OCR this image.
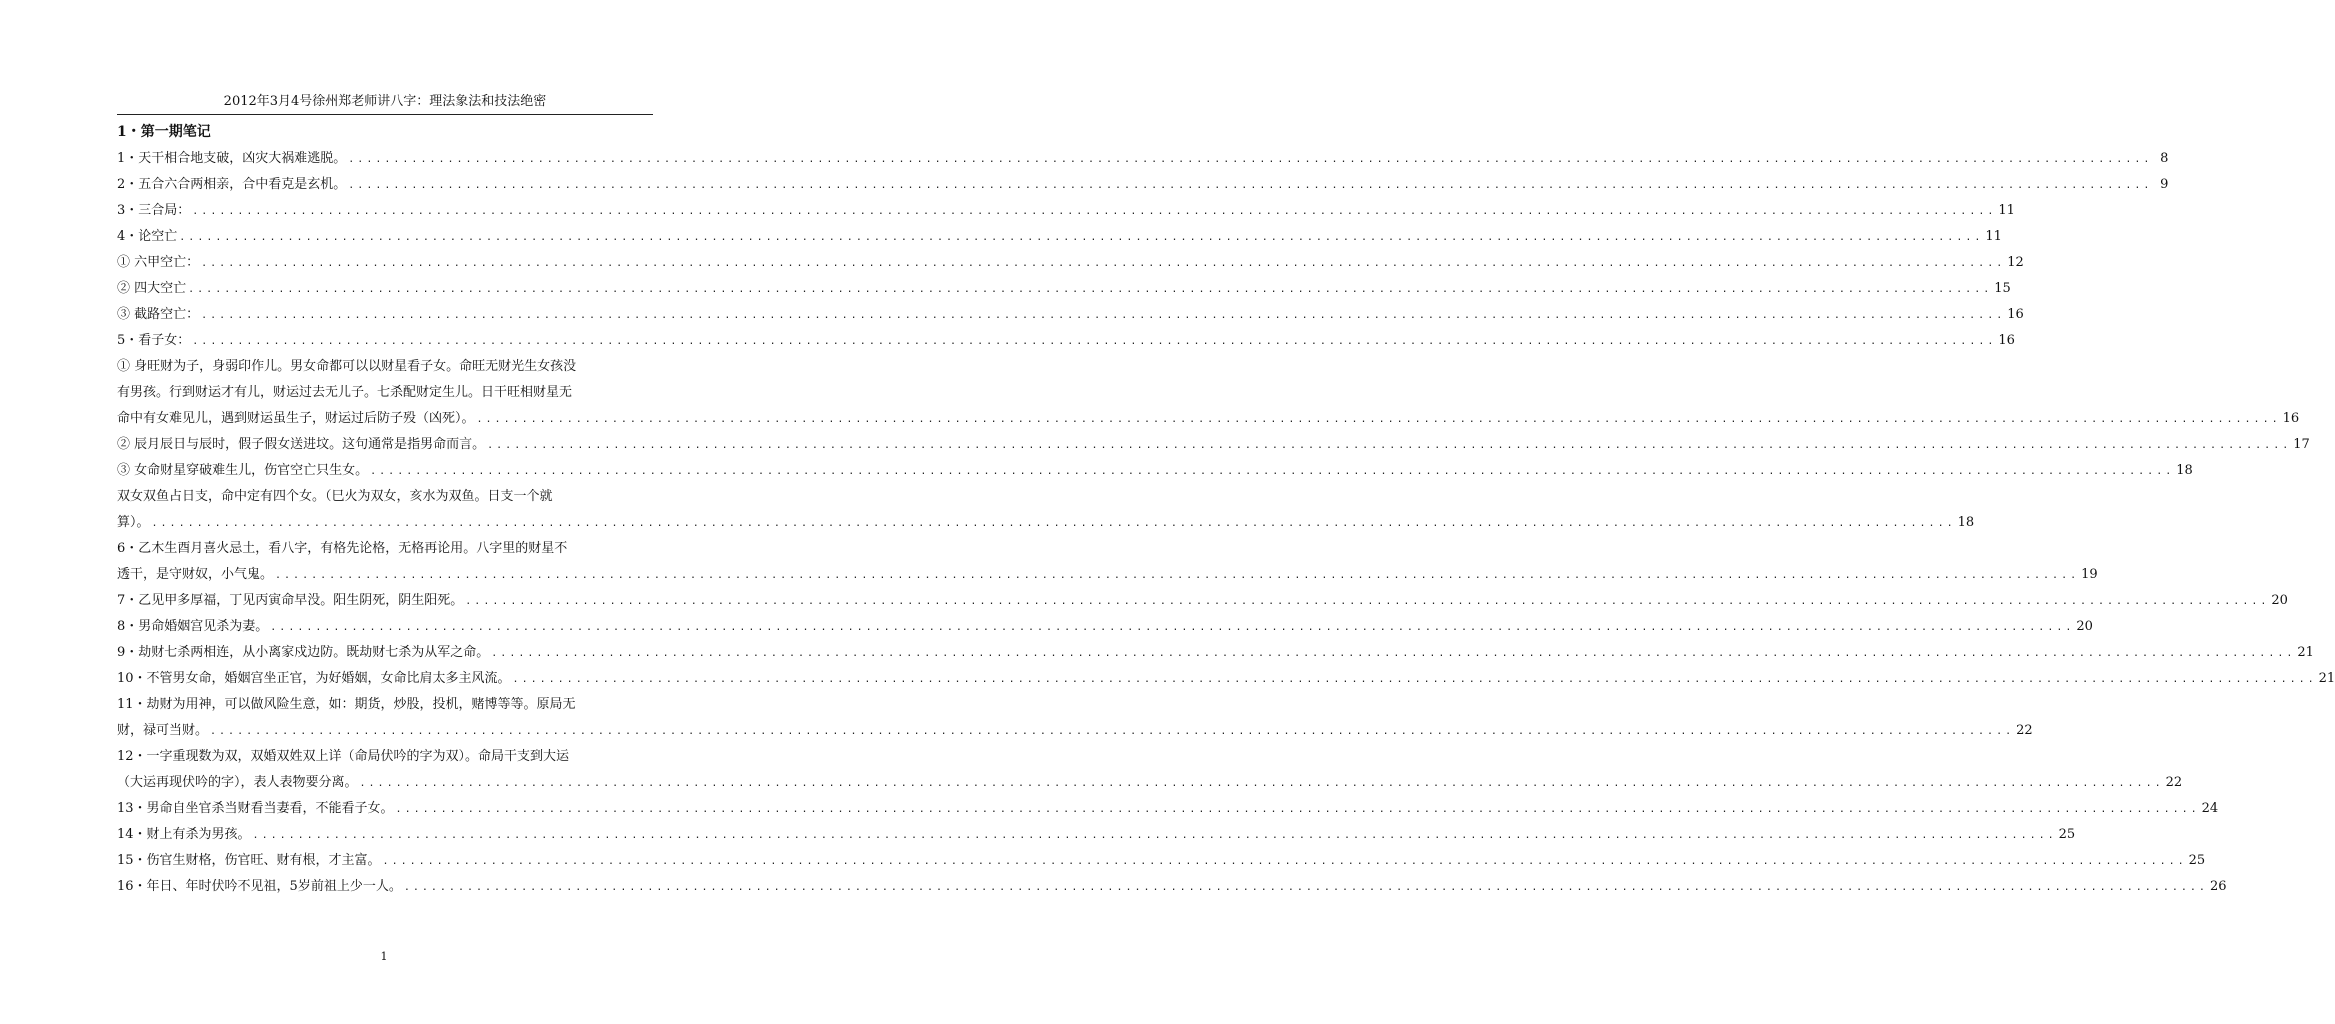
2012年3月4号徐州郑老师讲八字：理法象法和技法绝密
1・第一期笔记
1・天干相合地支破，凶灾大祸难逃脱。 ........................................................................................................................................................................................................ 8
2・五合六合两相亲，合中看克是玄机。 ........................................................................................................................................................................................................ 9
3・三合局： ........................................................................................................................................................................................................ 11
4・论空亡 ........................................................................................................................................................................................................ 11
① 六甲空亡： ........................................................................................................................................................................................................ 12
② 四大空亡 ........................................................................................................................................................................................................ 15
③ 截路空亡： ........................................................................................................................................................................................................ 16
5・看子女： ........................................................................................................................................................................................................ 16
① 身旺财为子，身弱印作儿。男女命都可以以财星看子女。命旺无财光生女孩没
有男孩。行到财运才有儿，财运过去无儿子。七杀配财定生儿。日干旺相财星无
命中有女难见儿，遇到财运虽生子，财运过后防子殁（凶死）。 ........................................................................................................................................................................................................ 16
② 辰月辰日与辰时，假子假女送进坟。这句通常是指男命而言。 ........................................................................................................................................................................................................ 17
③ 女命财星穿破难生儿，伤官空亡只生女。 ........................................................................................................................................................................................................ 18
双女双鱼占日支，命中定有四个女。（巳火为双女，亥水为双鱼。日支一个就
算）。 ........................................................................................................................................................................................................ 18
6・乙木生酉月喜火忌土，看八字，有格先论格，无格再论用。八字里的财星不
透干，是守财奴，小气鬼。 ........................................................................................................................................................................................................ 19
7・乙见甲多厚福，丁见丙寅命早没。阳生阴死，阴生阳死。 ........................................................................................................................................................................................................ 20
8・男命婚姻宫见杀为妻。 ........................................................................................................................................................................................................ 20
9・劫财七杀两相连，从小离家戍边防。既劫财七杀为从军之命。 ........................................................................................................................................................................................................ 21
10・不管男女命，婚姻宫坐正官，为好婚姻，女命比肩太多主风流。 ........................................................................................................................................................................................................ 21
11・劫财为用神，可以做风险生意，如：期货，炒股，投机，赌博等等。原局无
财，禄可当财。 ........................................................................................................................................................................................................ 22
12・一字重现数为双，双婚双姓双上详（命局伏吟的字为双）。命局干支到大运
（大运再现伏吟的字），表人表物要分离。 ........................................................................................................................................................................................................ 22
13・男命自坐官杀当财看当妻看，不能看子女。 ........................................................................................................................................................................................................ 24
14・财上有杀为男孩。 ........................................................................................................................................................................................................ 25
15・伤官生财格，伤官旺、财有根，才主富。 ........................................................................................................................................................................................................ 25
16・年日、年时伏吟不见祖，5岁前祖上少一人。 ........................................................................................................................................................................................................ 26
1
